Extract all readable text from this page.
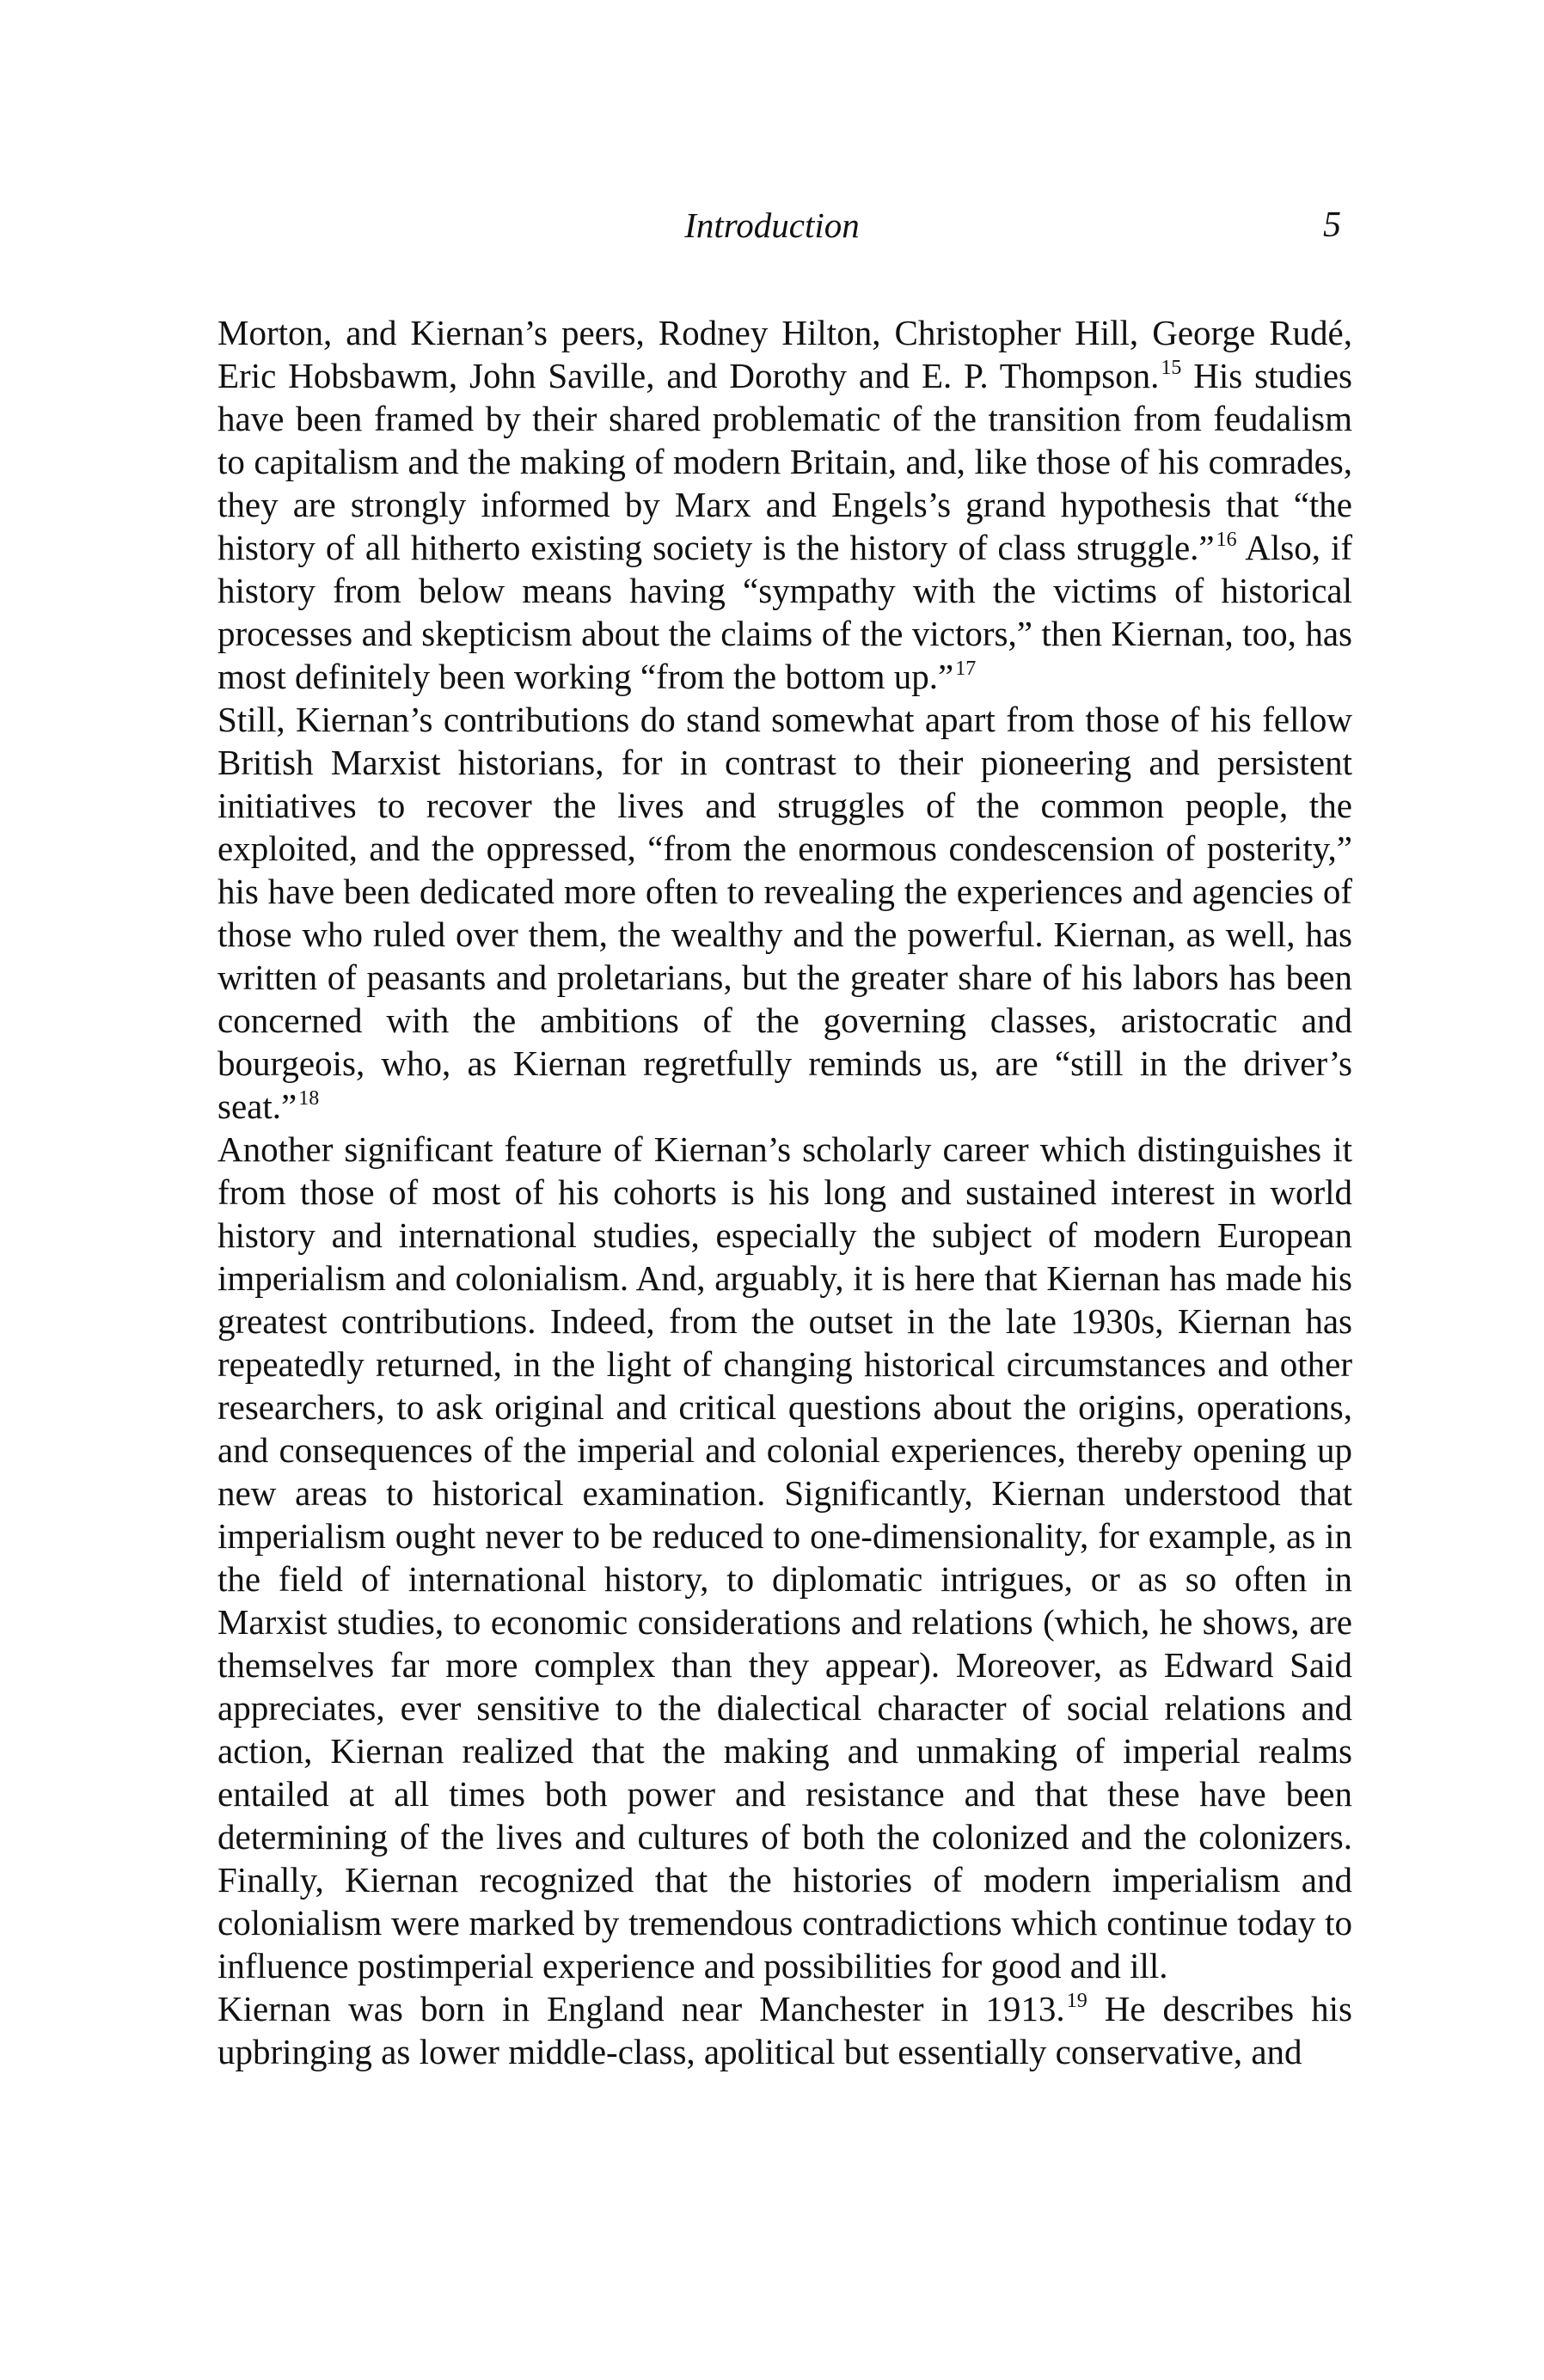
Introduction	5

Morton, and Kiernan’s peers, Rodney Hilton, Christopher Hill, George Rudé, Eric Hobsbawm, John Saville, and Dorothy and E. P. Thompson.$^{15}$ His studies have been framed by their shared problematic of the transition from feudalism to capitalism and the making of modern Britain, and, like those of his comrades, they are strongly informed by Marx and Engels’s grand hypothesis that “the history of all hitherto existing society is the history of class struggle.”$^{16}$ Also, if history from below means having “sympathy with the victims of historical processes and skepticism about the claims of the victors,” then Kiernan, too, has most definitely been working “from the bottom up.”$^{17}$

Still, Kiernan’s contributions do stand somewhat apart from those of his fellow British Marxist historians, for in contrast to their pioneering and persistent initiatives to recover the lives and struggles of the common people, the exploited, and the oppressed, “from the enormous condescension of posterity,” his have been dedicated more often to revealing the experiences and agencies of those who ruled over them, the wealthy and the powerful. Kiernan, as well, has written of peasants and proletarians, but the greater share of his labors has been concerned with the ambitions of the governing classes, aristocratic and bourgeois, who, as Kiernan regretfully reminds us, are “still in the driver’s seat.”$^{18}$

Another significant feature of Kiernan’s scholarly career which distinguishes it from those of most of his cohorts is his long and sustained interest in world history and international studies, especially the subject of modern European imperialism and colonialism. And, arguably, it is here that Kiernan has made his greatest contributions. Indeed, from the outset in the late 1930s, Kiernan has repeatedly returned, in the light of changing historical circumstances and other researchers, to ask original and critical questions about the origins, operations, and consequences of the imperial and colonial experiences, thereby opening up new areas to historical examination. Significantly, Kiernan understood that imperialism ought never to be reduced to one-dimensionality, for example, as in the field of international history, to diplomatic intrigues, or as so often in Marxist studies, to economic considerations and relations (which, he shows, are themselves far more complex than they appear). Moreover, as Edward Said appreciates, ever sensitive to the dialectical character of social relations and action, Kiernan realized that the making and unmaking of imperial realms entailed at all times both power and resistance and that these have been determining of the lives and cultures of both the colonized and the colonizers. Finally, Kiernan recognized that the histories of modern imperialism and colonialism were marked by tremendous contradictions which continue today to influence postimperial experience and possibilities for good and ill.

Kiernan was born in England near Manchester in 1913.19 He describes his upbringing as lower middle-class, apolitical but essentially conservative, and
